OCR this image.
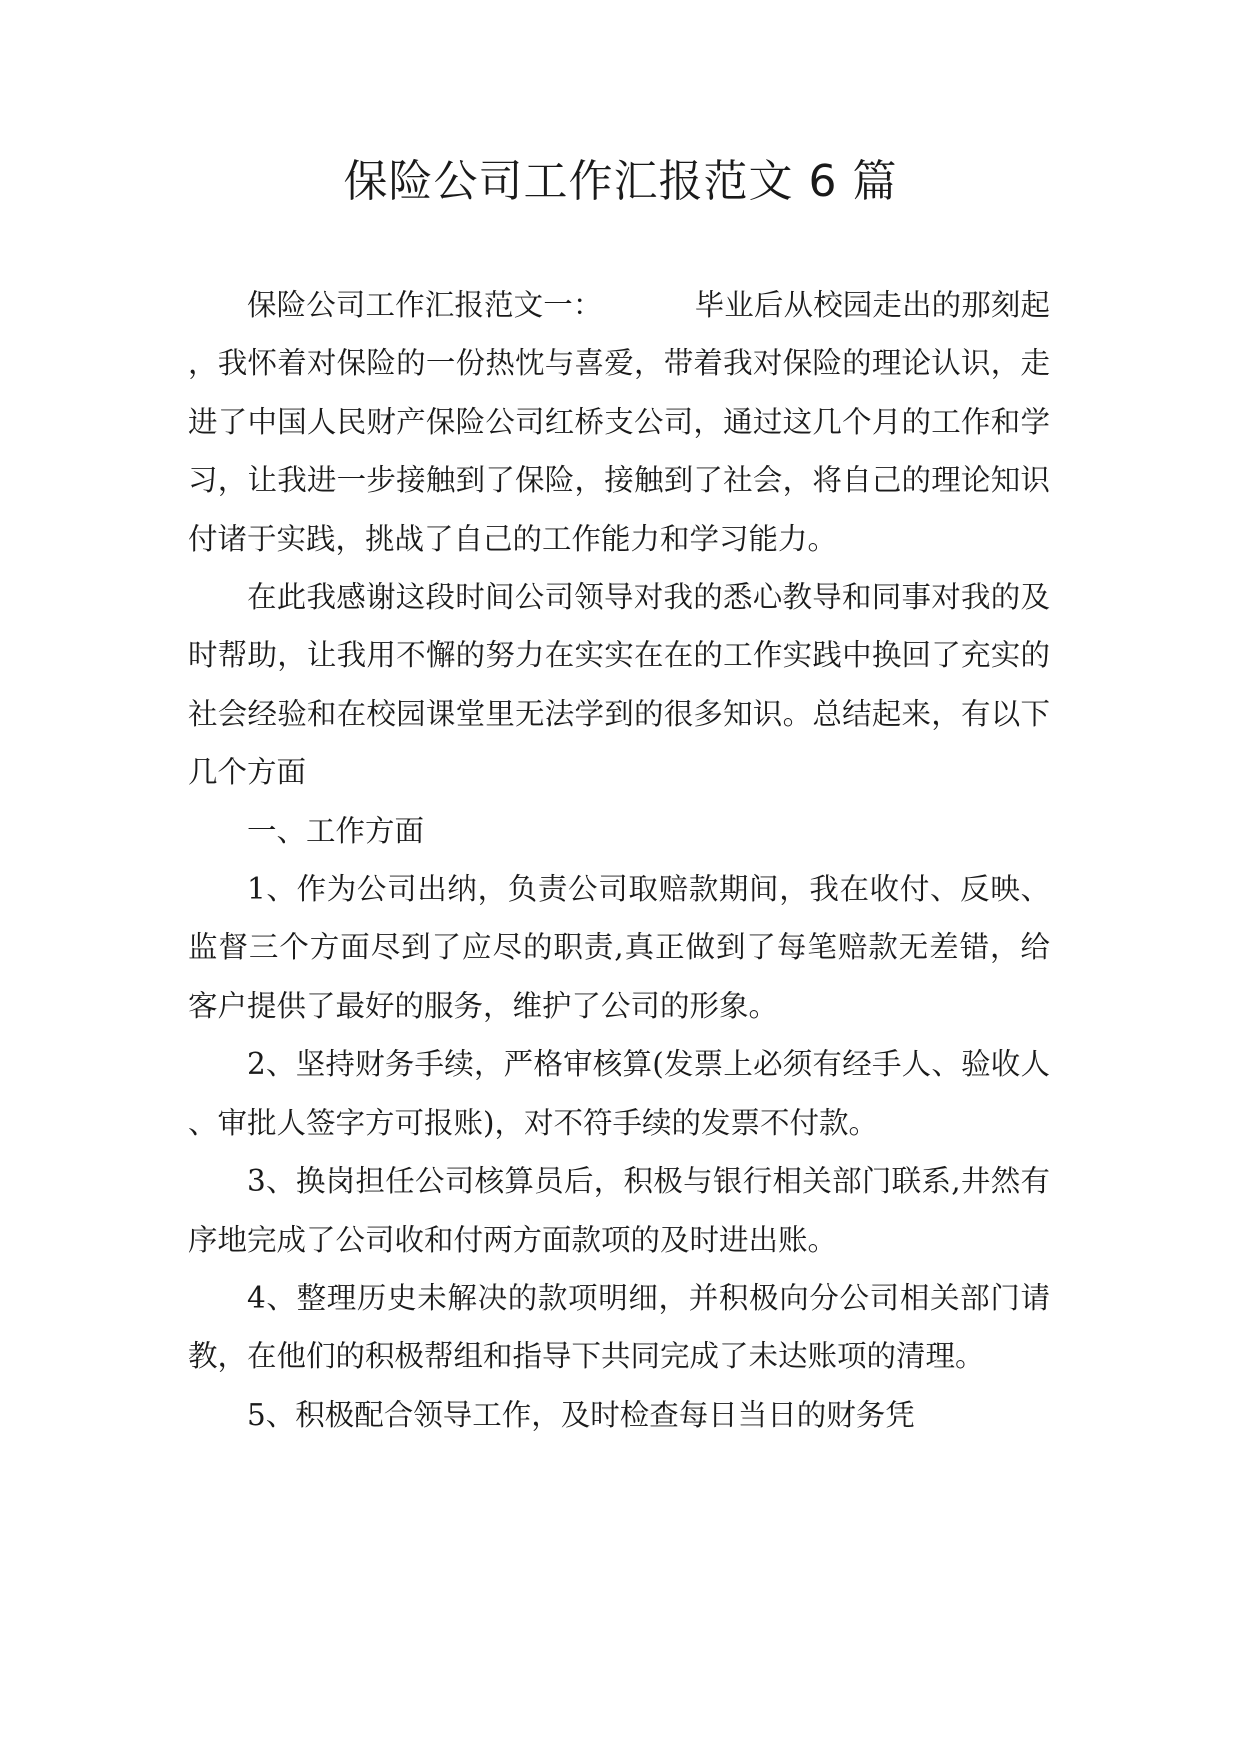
保险公司工作汇报范文 6 篇

保险公司工作汇报范文一：	毕业后从校园走出的那刻起，我怀着对保险的一份热忱与喜爱，带着我对保险的理论认识，走进了中国人民财产保险公司红桥支公司，通过这几个月的工作和学习，让我进一步接触到了保险，接触到了社会，将自己的理论知识付诸于实践，挑战了自己的工作能力和学习能力。

在此我感谢这段时间公司领导对我的悉心教导和同事对我的及时帮助，让我用不懈的努力在实实在在的工作实践中换回了充实的社会经验和在校园课堂里无法学到的很多知识。总结起来，有以下几个方面

一、工作方面

1、作为公司出纳，负责公司取赔款期间，我在收付、反映、监督三个方面尽到了应尽的职责,真正做到了每笔赔款无差错，给客户提供了最好的服务，维护了公司的形象。

2、坚持财务手续，严格审核算(发票上必须有经手人、验收人、审批人签字方可报账)，对不符手续的发票不付款。

3、换岗担任公司核算员后，积极与银行相关部门联系,井然有序地完成了公司收和付两方面款项的及时进出账。

4、整理历史未解决的款项明细，并积极向分公司相关部门请教，在他们的积极帮组和指导下共同完成了未达账项的清理。

5、积极配合领导工作，及时检查每日当日的财务凭
